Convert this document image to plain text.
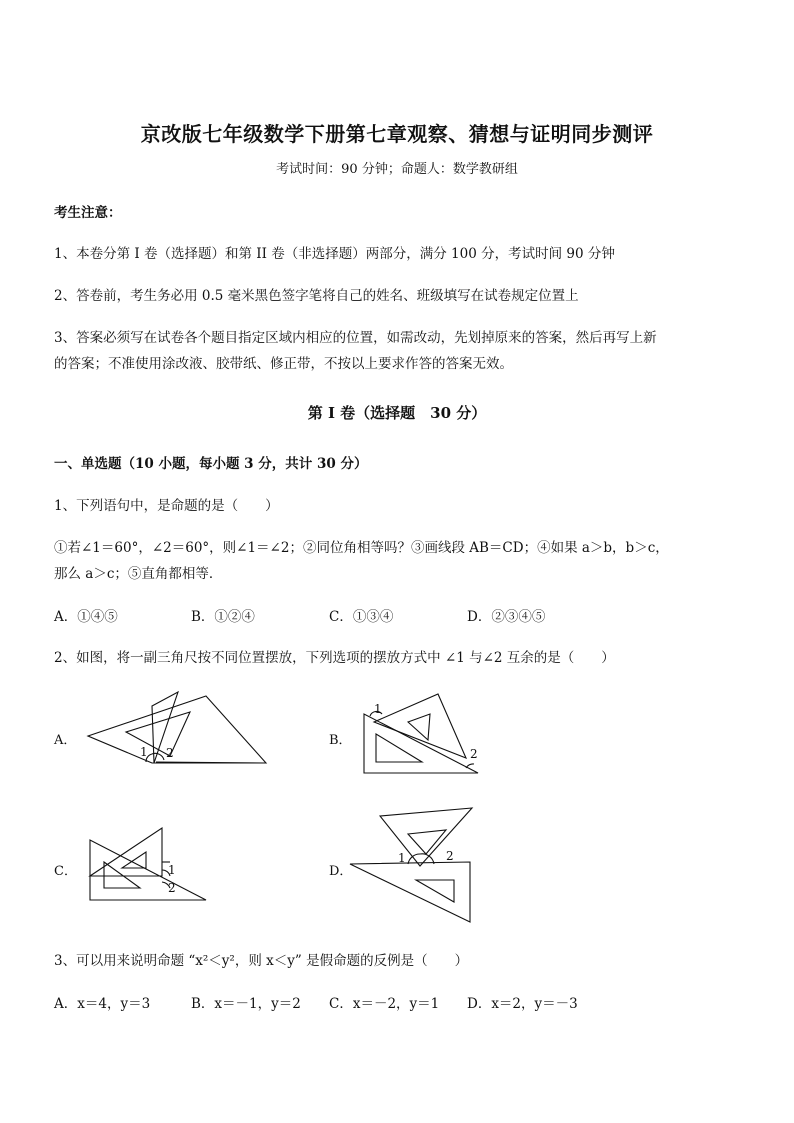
京改版七年级数学下册第七章观察、猜想与证明同步测评
考试时间：90 分钟；命题人：数学教研组
考生注意：
1、本卷分第 I 卷（选择题）和第 II 卷（非选择题）两部分，满分 100 分，考试时间 90 分钟
2、答卷前，考生务必用 0.5 毫米黑色签字笔将自己的姓名、班级填写在试卷规定位置上
3、答案必须写在试卷各个题目指定区域内相应的位置，如需改动，先划掉原来的答案，然后再写上新
的答案；不准使用涂改液、胶带纸、修正带，不按以上要求作答的答案无效。
第 I 卷（选择题　30 分）
一、单选题（10 小题，每小题 3 分，共计 30 分）
1、下列语句中，是命题的是（　　）
①若∠1＝60°，∠2＝60°，则∠1＝∠2；②同位角相等吗？③画线段 AB＝CD；④如果 a＞b，b＞c，
那么 a＞c；⑤直角都相等．
A．①④⑤	B．①②④	C．①③④	D．②③④⑤
2、如图，将一副三角尺按不同位置摆放，下列选项的摆放方式中 ∠1 与∠2 互余的是（　　）
A．
1 2
B．
1
2
C．	1
2
D．
1	2
3、可以用来说明命题 “x²＜y²，则 x＜y” 是假命题的反例是（　　）
A．x＝4，y＝3	B．x＝－1，y＝2 C．x＝－2，y＝1 D．x＝2，y＝－3
